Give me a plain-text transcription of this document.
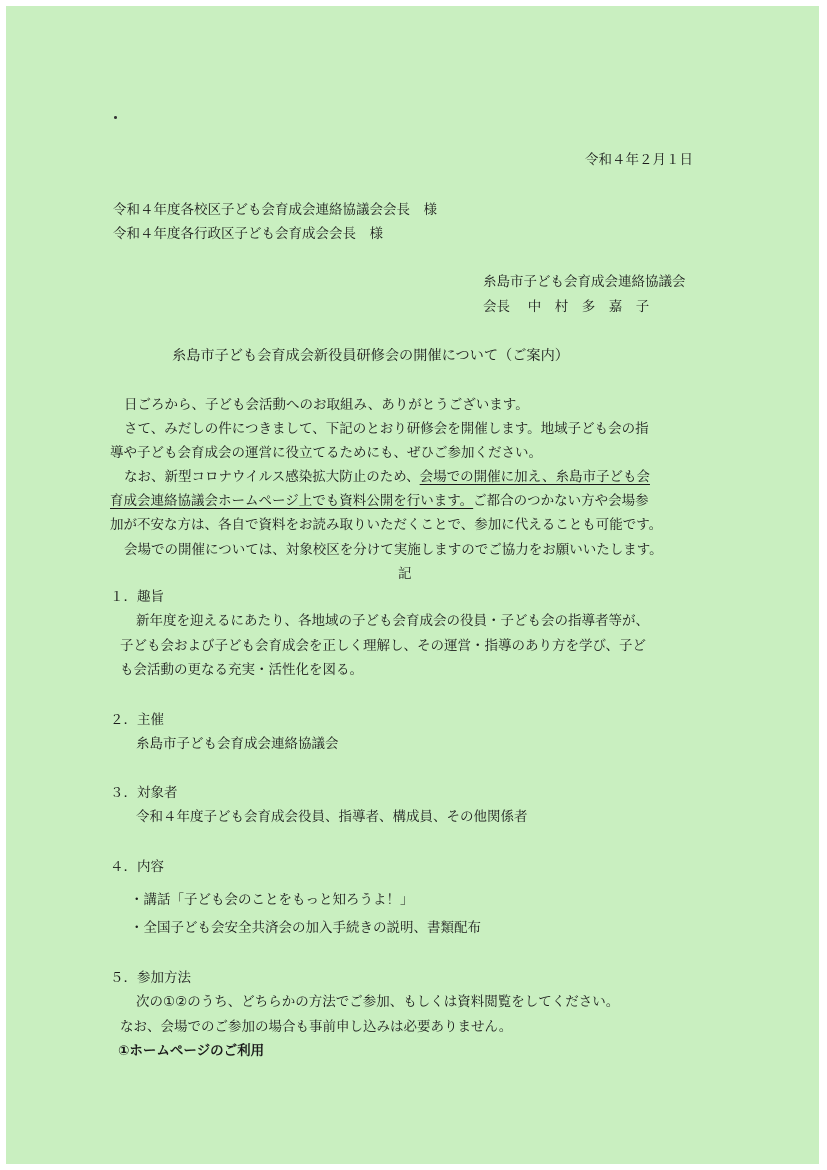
令和４年２月１日
令和４年度各校区子ども会育成会連絡協議会会長　様
令和４年度各行政区子ども会育成会会長　様
糸島市子ども会育成会連絡協議会
会長　 中　村　多　嘉　子
糸島市子ども会育成会新役員研修会の開催について（ご案内）
日ごろから、子ども会活動へのお取組み、ありがとうございます。
さて、みだしの件につきまして、下記のとおり研修会を開催します。地域子ども会の指
導や子ども会育成会の運営に役立てるためにも、ぜひご参加ください。
なお、新型コロナウイルス感染拡大防止のため、会場での開催に加え、糸島市子ども会
育成会連絡協議会ホームページ上でも資料公開を行います。ご都合のつかない方や会場参
加が不安な方は、各自で資料をお読み取りいただくことで、参加に代えることも可能です。
会場での開催については、対象校区を分けて実施しますのでご協力をお願いいたします。
記
１．趣旨
新年度を迎えるにあたり、各地域の子ども会育成会の役員・子ども会の指導者等が、
子ども会および子ども会育成会を正しく理解し、その運営・指導のあり方を学び、子ど
も会活動の更なる充実・活性化を図る。
２．主催
糸島市子ども会育成会連絡協議会
３．対象者
令和４年度子ども会育成会役員、指導者、構成員、その他関係者
４．内容
・講話「子ども会のことをもっと知ろうよ！」
・全国子ども会安全共済会の加入手続きの説明、書類配布
５．参加方法
次の①②のうち、どちらかの方法でご参加、もしくは資料閲覧をしてください。
なお、会場でのご参加の場合も事前申し込みは必要ありません。
①ホームページのご利用
